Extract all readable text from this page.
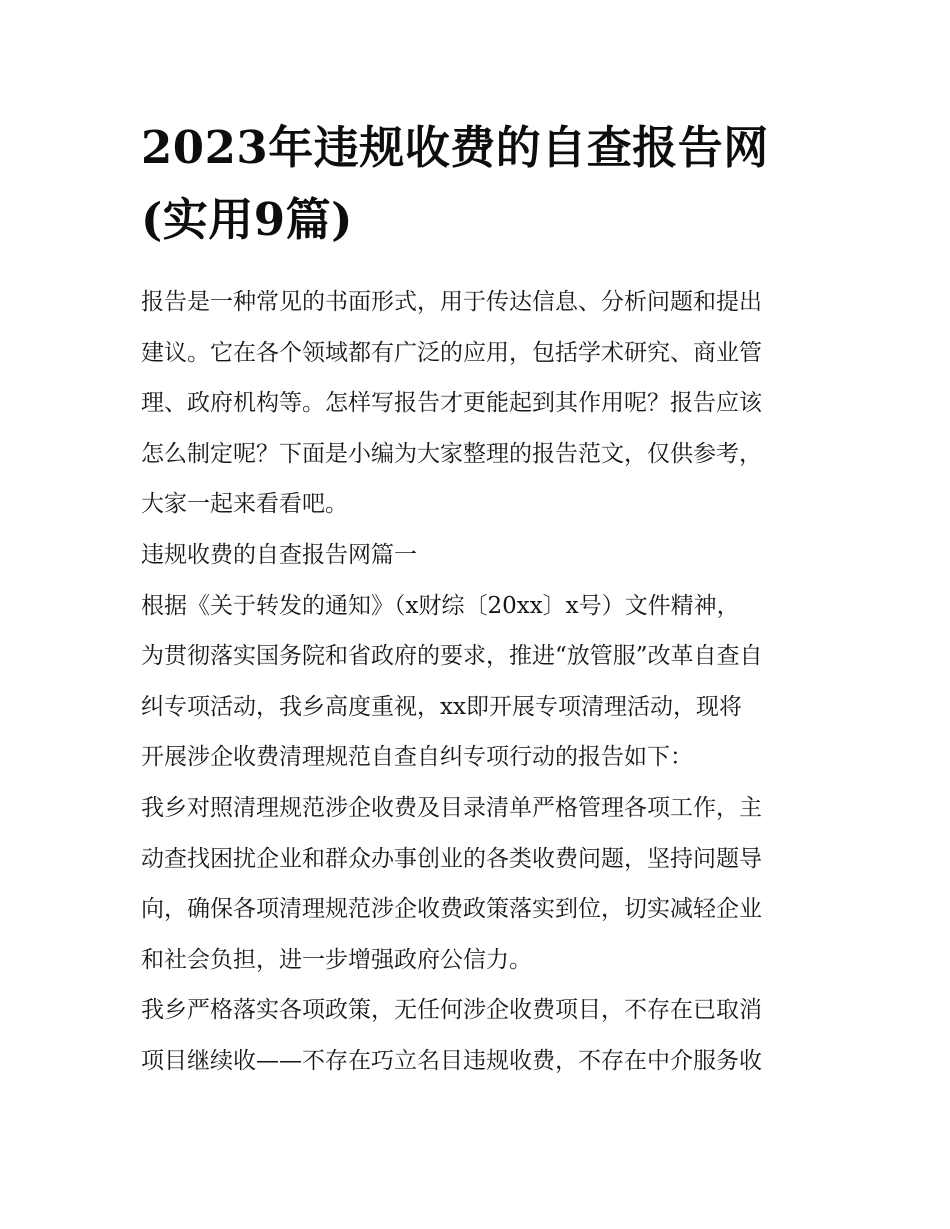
2023年违规收费的自查报告网
(实用9篇)

报告是一种常见的书面形式，用于传达信息、分析问题和提出
建议。它在各个领域都有广泛的应用，包括学术研究、商业管
理、政府机构等。怎样写报告才更能起到其作用呢？报告应该
怎么制定呢？下面是小编为大家整理的报告范文，仅供参考，
大家一起来看看吧。

违规收费的自查报告网篇一

根据《关于转发的通知》（x财综〔20xx〕x号）文件精神，
为贯彻落实国务院和省政府的要求，推进“放管服”改革自查自
纠专项活动，我乡高度重视，xx即开展专项清理活动，现将
开展涉企收费清理规范自查自纠专项行动的报告如下：

我乡对照清理规范涉企收费及目录清单严格管理各项工作，主
动查找困扰企业和群众办事创业的各类收费问题，坚持问题导
向，确保各项清理规范涉企收费政策落实到位，切实减轻企业
和社会负担，进一步增强政府公信力。

我乡严格落实各项政策，无任何涉企收费项目，不存在已取消
项目继续收——不存在巧立名目违规收费，不存在中介服务收
